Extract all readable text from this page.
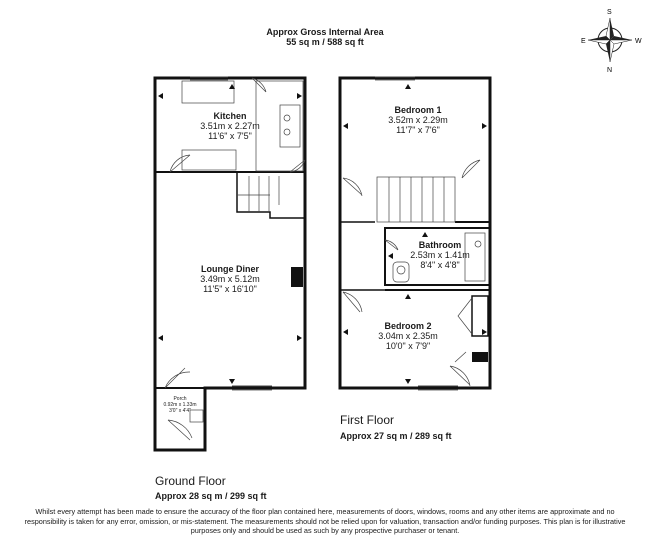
Approx Gross Internal Area
55 sq m / 588 sq ft
S
N
E	W
Kitchen
3.51m x 2.27m
11'6" x 7'5"
Lounge Diner
3.49m x 5.12m
11'5" x 16'10"
Porch
0.92m x 1.33m
3'0" x 4'4"
Bedroom 1
3.52m x 2.29m
11'7" x 7'6"
Bathroom
2.53m x 1.41m
8'4" x 4'8"
Bedroom 2
3.04m x 2.35m
10'0" x 7'9"
First Floor
Approx 27 sq m / 289 sq ft
Ground Floor
Approx 28 sq m / 299 sq ft
Whilst every attempt has been made to ensure the accuracy of the floor plan contained here, measurements of doors, windows, rooms and any other items are approximate and no responsibility is taken for any error, omission, or mis-statement. The measurements should not be relied upon for valuation, transaction and/or funding purposes. This plan is for illustrative purposes only and should be used as such by any prospective purchaser or tenant.
